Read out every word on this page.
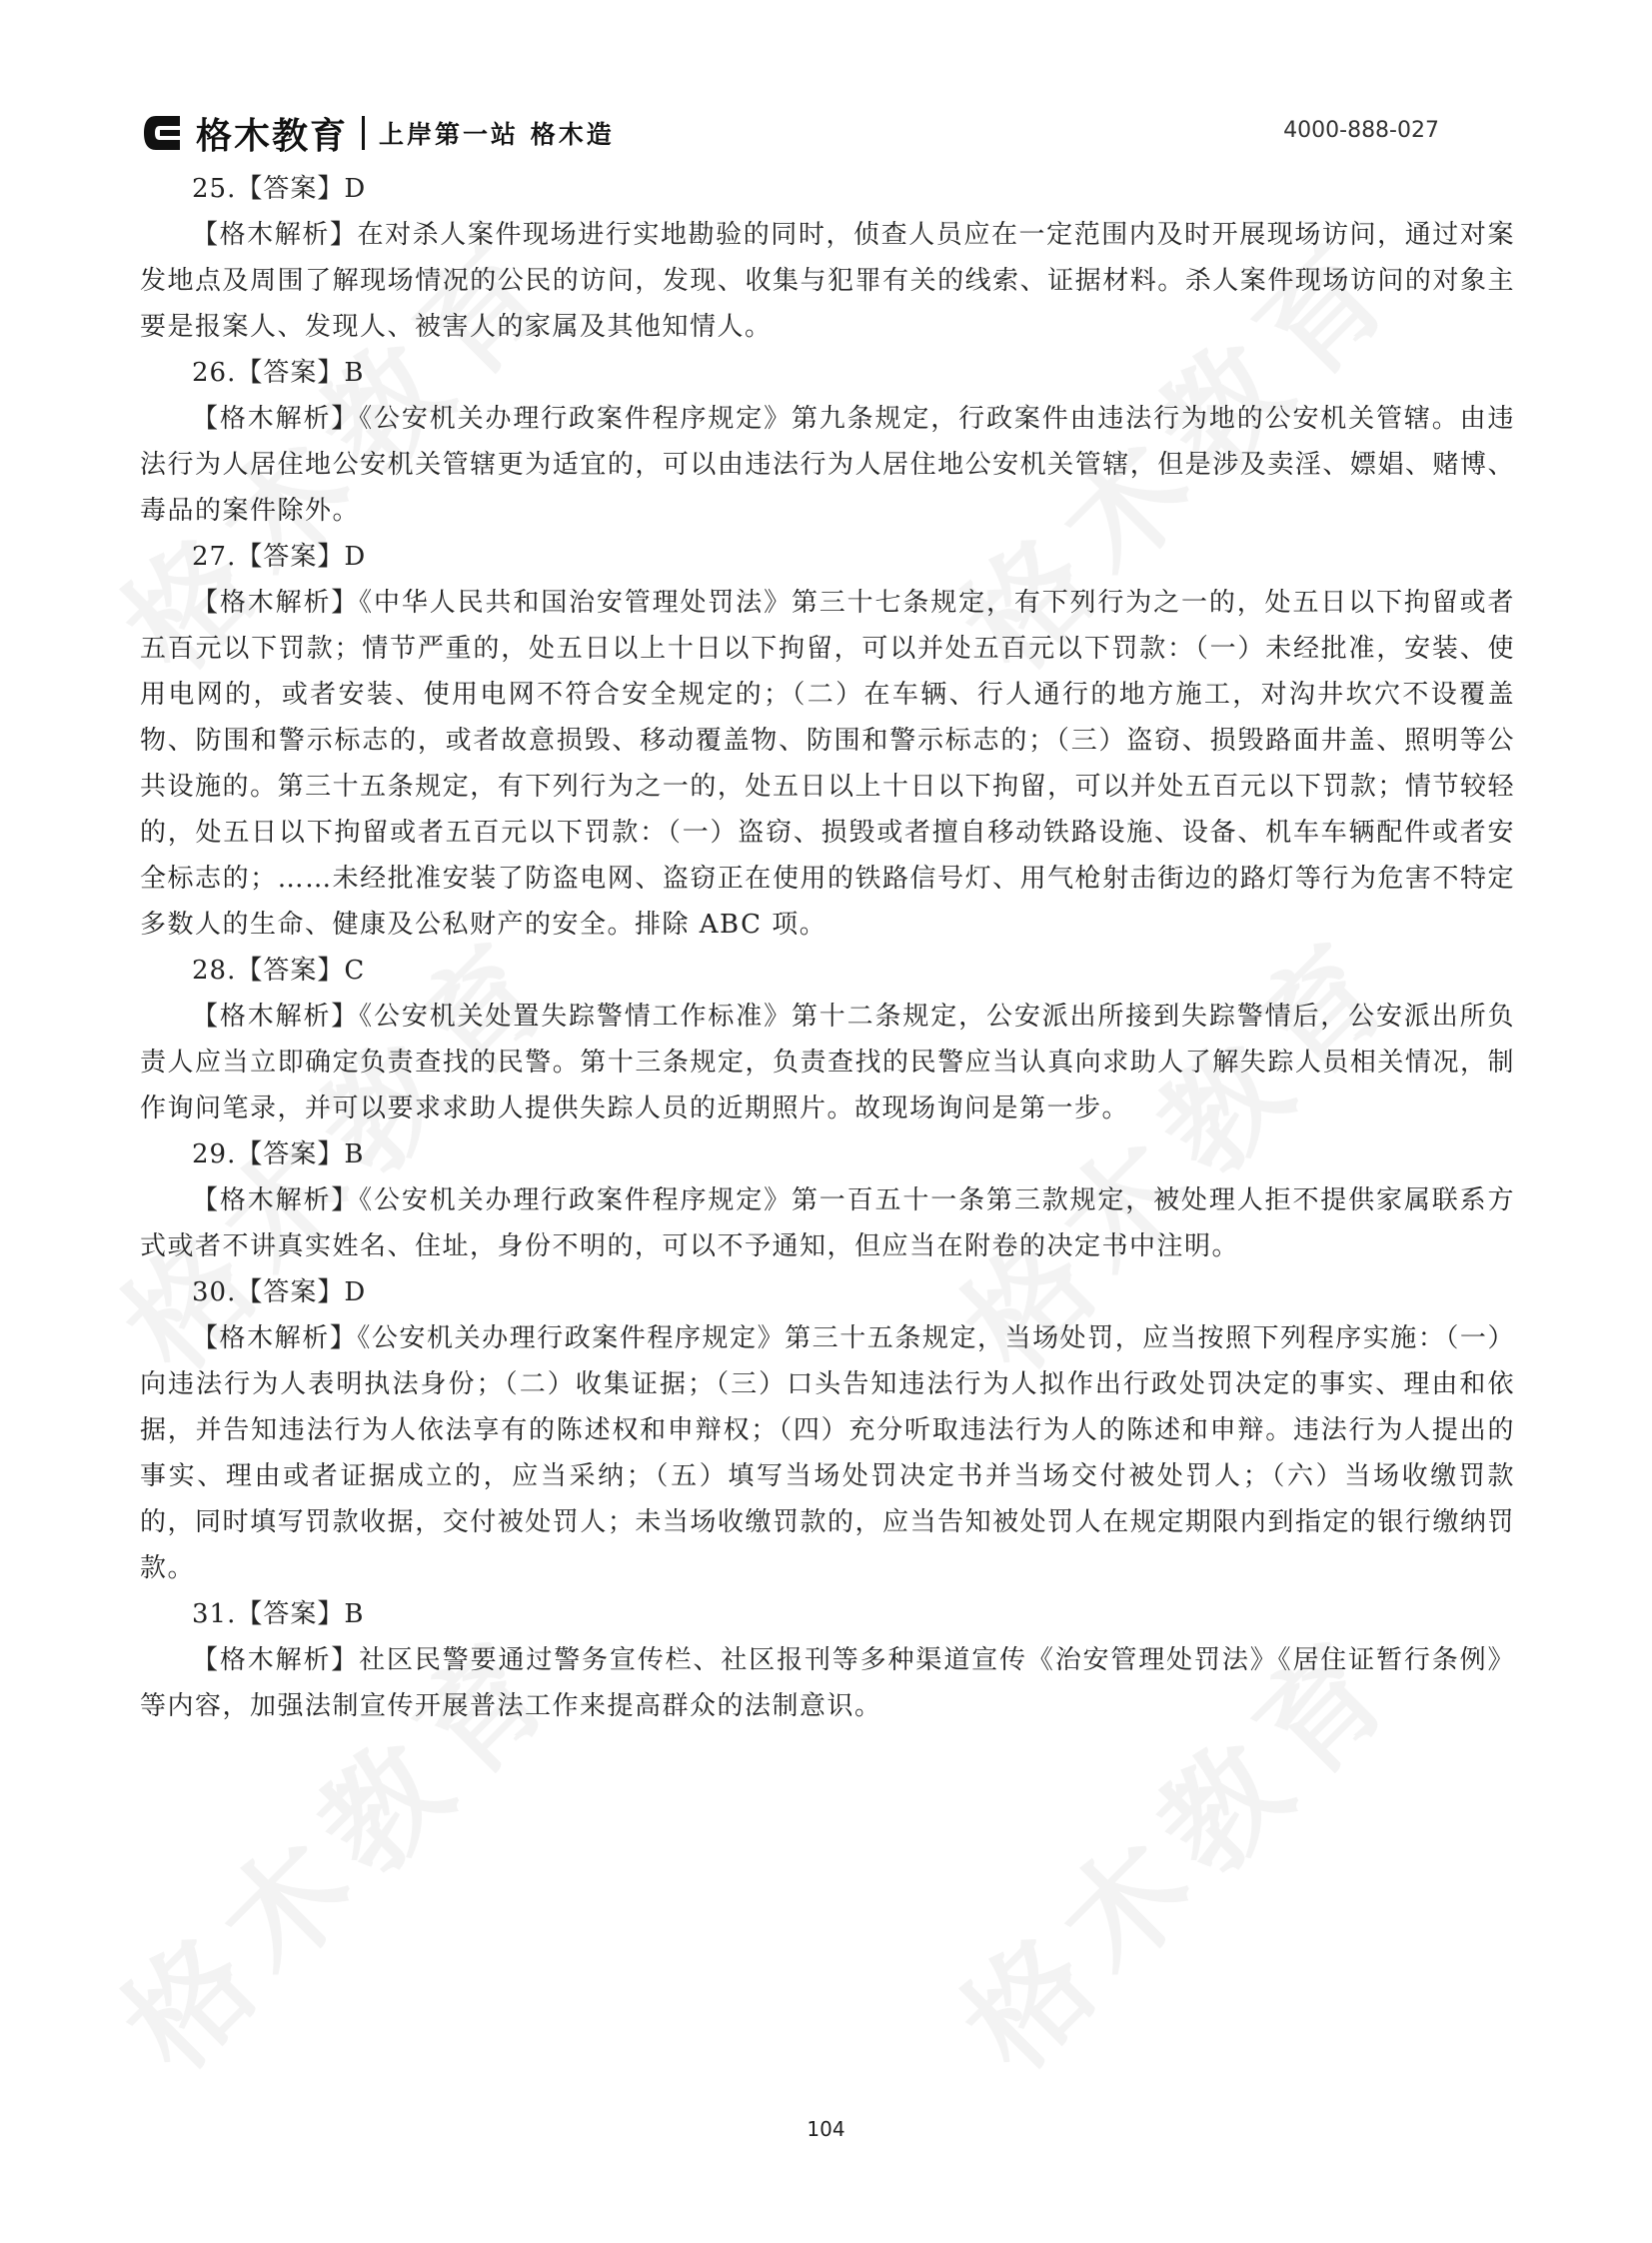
格木教育 上岸第一站 格木造	4000-888-027

25.【答案】D

【格木解析】在对杀人案件现场进行实地勘验的同时，侦查人员应在一定范围内及时开展现场访问，通过对案发地点及周围了解现场情况的公民的访问，发现、收集与犯罪有关的线索、证据材料。杀人案件现场访问的对象主要是报案人、发现人、被害人的家属及其他知情人。

26.【答案】B

【格木解析】《公安机关办理行政案件程序规定》第九条规定，行政案件由违法行为地的公安机关管辖。由违法行为人居住地公安机关管辖更为适宜的，可以由违法行为人居住地公安机关管辖，但是涉及卖淫、嫖娼、赌博、毒品的案件除外。

27.【答案】D

【格木解析】《中华人民共和国治安管理处罚法》第三十七条规定，有下列行为之一的，处五日以下拘留或者五百元以下罚款；情节严重的，处五日以上十日以下拘留，可以并处五百元以下罚款：（一）未经批准，安装、使用电网的，或者安装、使用电网不符合安全规定的；（二）在车辆、行人通行的地方施工，对沟井坎穴不设覆盖物、防围和警示标志的，或者故意损毁、移动覆盖物、防围和警示标志的；（三）盗窃、损毁路面井盖、照明等公共设施的。第三十五条规定，有下列行为之一的，处五日以上十日以下拘留，可以并处五百元以下罚款；情节较轻的，处五日以下拘留或者五百元以下罚款：（一）盗窃、损毁或者擅自移动铁路设施、设备、机车车辆配件或者安全标志的；……未经批准安装了防盗电网、盗窃正在使用的铁路信号灯、用气枪射击街边的路灯等行为危害不特定多数人的生命、健康及公私财产的安全。排除 ABC 项。

28.【答案】C

【格木解析】《公安机关处置失踪警情工作标准》第十二条规定，公安派出所接到失踪警情后，公安派出所负责人应当立即确定负责查找的民警。第十三条规定，负责查找的民警应当认真向求助人了解失踪人员相关情况，制作询问笔录，并可以要求求助人提供失踪人员的近期照片。故现场询问是第一步。

29.【答案】B

【格木解析】《公安机关办理行政案件程序规定》第一百五十一条第三款规定，被处理人拒不提供家属联系方式或者不讲真实姓名、住址，身份不明的，可以不予通知，但应当在附卷的决定书中注明。

30.【答案】D

【格木解析】《公安机关办理行政案件程序规定》第三十五条规定，当场处罚，应当按照下列程序实施：（一）向违法行为人表明执法身份；（二）收集证据；（三）口头告知违法行为人拟作出行政处罚决定的事实、理由和依据，并告知违法行为人依法享有的陈述权和申辩权；（四）充分听取违法行为人的陈述和申辩。违法行为人提出的事实、理由或者证据成立的，应当采纳；（五）填写当场处罚决定书并当场交付被处罚人；（六）当场收缴罚款的，同时填写罚款收据，交付被处罚人；未当场收缴罚款的，应当告知被处罚人在规定期限内到指定的银行缴纳罚款。

31.【答案】B

【格木解析】社区民警要通过警务宣传栏、社区报刊等多种渠道宣传《治安管理处罚法》《居住证暂行条例》等内容，加强法制宣传开展普法工作来提高群众的法制意识。

104
